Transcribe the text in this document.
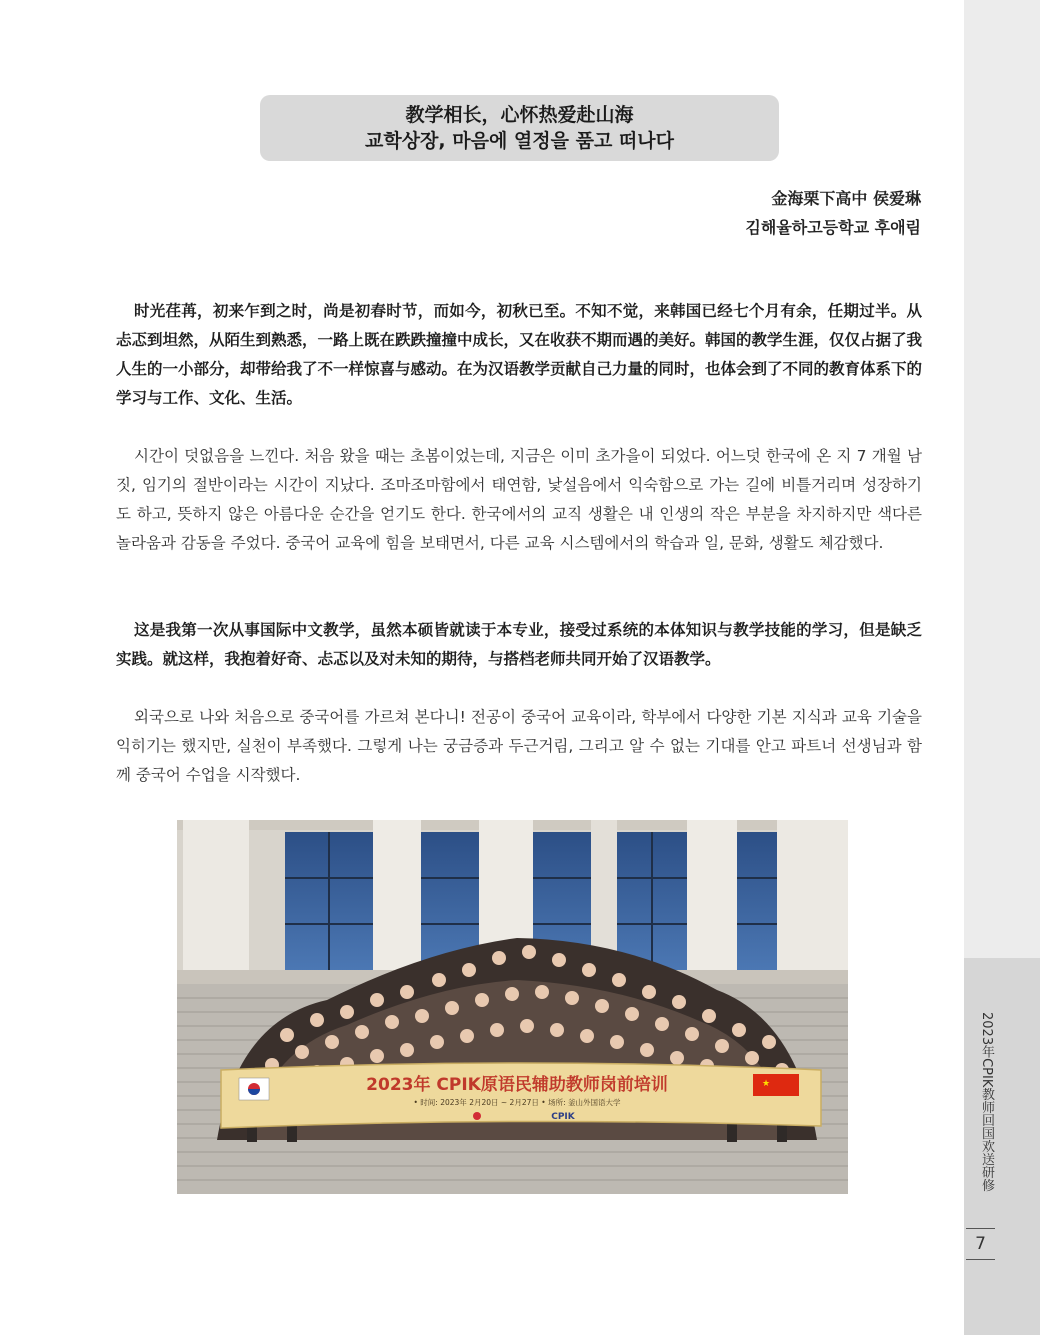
2023年CPIK教师回国欢送研修
7
教学相长，心怀热爱赴山海
교학상장, 마음에 열정을 품고 떠나다
金海栗下高中 侯爱琳
김해율하고등학교 후애림

时光荏苒，初来乍到之时，尚是初春时节，而如今，初秋已至。不知不觉，来韩国已经七个月有余，任期过半。从忐忑到坦然，从陌生到熟悉，一路上既在跌跌撞撞中成长，又在收获不期而遇的美好。韩国的教学生涯，仅仅占据了我人生的一小部分，却带给我了不一样惊喜与感动。在为汉语教学贡献自己力量的同时，也体会到了不同的教育体系下的学习与工作、文化、生活。

시간이 덧없음을 느낀다. 처음 왔을 때는 초봄이었는데, 지금은 이미 초가을이 되었다. 어느덧 한국에 온 지 7 개월 남짓, 임기의 절반이라는 시간이 지났다. 조마조마함에서 태연함, 낯설음에서 익숙함으로 가는 길에 비틀거리며 성장하기도 하고, 뜻하지 않은 아름다운 순간을 얻기도 한다. 한국에서의 교직 생활은 내 인생의 작은 부분을 차지하지만 색다른 놀라움과 감동을 주었다. 중국어 교육에 힘을 보태면서, 다른 교육 시스템에서의 학습과 일, 문화, 생활도 체감했다.

这是我第一次从事国际中文教学，虽然本硕皆就读于本专业，接受过系统的本体知识与教学技能的学习，但是缺乏实践。就这样，我抱着好奇、忐忑以及对未知的期待，与搭档老师共同开始了汉语教学。

외국으로 나와 처음으로 중국어를 가르쳐 본다니! 전공이 중국어 교육이라, 학부에서 다양한 기본 지식과 교육 기술을 익히기는 했지만, 실천이 부족했다. 그렇게 나는 궁금증과 두근거림, 그리고 알 수 없는 기대를 안고 파트너 선생님과 함께 중국어 수업을 시작했다.

★
2023年 CPIK原语民辅助教师岗前培训
• 时间: 2023年 2月20日 ~ 2月27日 • 场所: 釜山外国语大学
CPIK
